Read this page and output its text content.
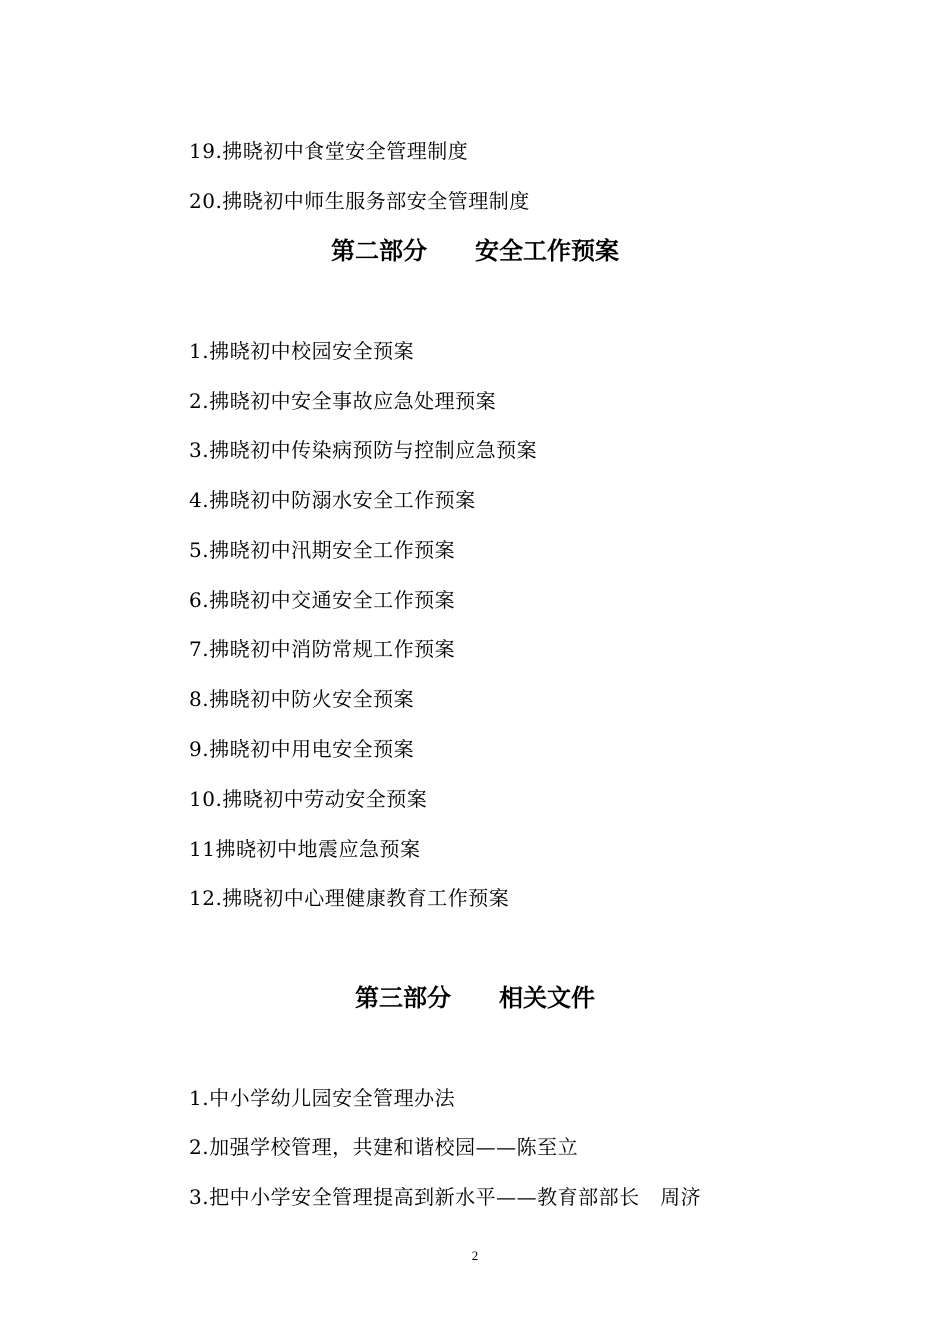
19.拂晓初中食堂安全管理制度
20.拂晓初中师生服务部安全管理制度
第二部分　　安全工作预案
1.拂晓初中校园安全预案
2.拂晓初中安全事故应急处理预案
3.拂晓初中传染病预防与控制应急预案
4.拂晓初中防溺水安全工作预案
5.拂晓初中汛期安全工作预案
6.拂晓初中交通安全工作预案
7.拂晓初中消防常规工作预案
8.拂晓初中防火安全预案
9.拂晓初中用电安全预案
10.拂晓初中劳动安全预案
11拂晓初中地震应急预案
12.拂晓初中心理健康教育工作预案
第三部分　　相关文件
1.中小学幼儿园安全管理办法
2.加强学校管理，共建和谐校园——陈至立
3.把中小学安全管理提高到新水平——教育部部长　周济
2
